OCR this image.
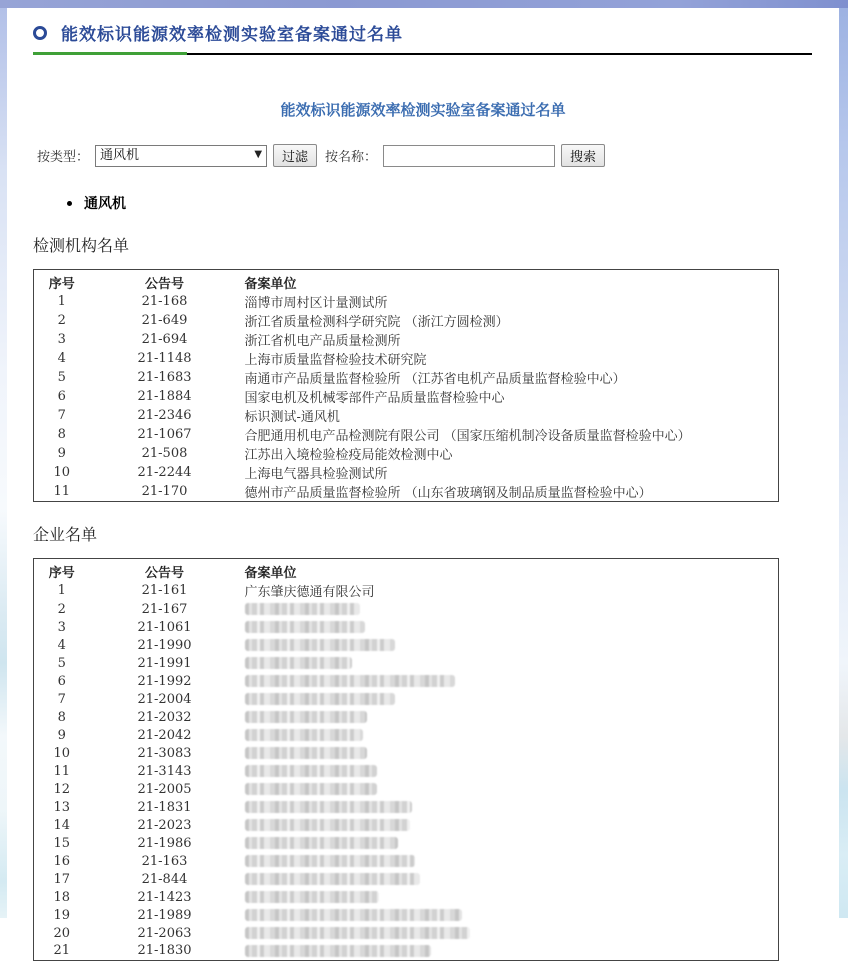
能效标识能源效率检测实验室备案通过名单
能效标识能源效率检测实验室备案通过名单
按类型：
通风机	▼	过滤	按名称：	搜索
通风机
检测机构名单
序号	公告号	备案单位
1	21-168	淄博市周村区计量测试所
2	21-649	浙江省质量检测科学研究院 （浙江方圆检测）
3	21-694	浙江省机电产品质量检测所
4	21-1148	上海市质量监督检验技术研究院
5	21-1683	南通市产品质量监督检验所 （江苏省电机产品质量监督检验中心）
6	21-1884	国家电机及机械零部件产品质量监督检验中心
7	21-2346	标识测试-通风机
8	21-1067	合肥通用机电产品检测院有限公司 （国家压缩机制冷设备质量监督检验中心）
9	21-508	江苏出入境检验检疫局能效检测中心
10	21-2244	上海电气器具检验测试所
11	21-170	德州市产品质量监督检验所 （山东省玻璃钢及制品质量监督检验中心）
企业名单
序号	公告号	备案单位
1	21-161	广东肇庆德通有限公司
2	21-167	

3	21-1061	

4	21-1990	

5	21-1991	

6	21-1992	

7	21-2004	

8	21-2032	

9	21-2042	

10	21-3083	

11	21-3143	

12	21-2005	

13	21-1831	

14	21-2023	

15	21-1986	

16	21-163	

17	21-844	

18	21-1423	

19	21-1989	

20	21-2063	

21	21-1830	
